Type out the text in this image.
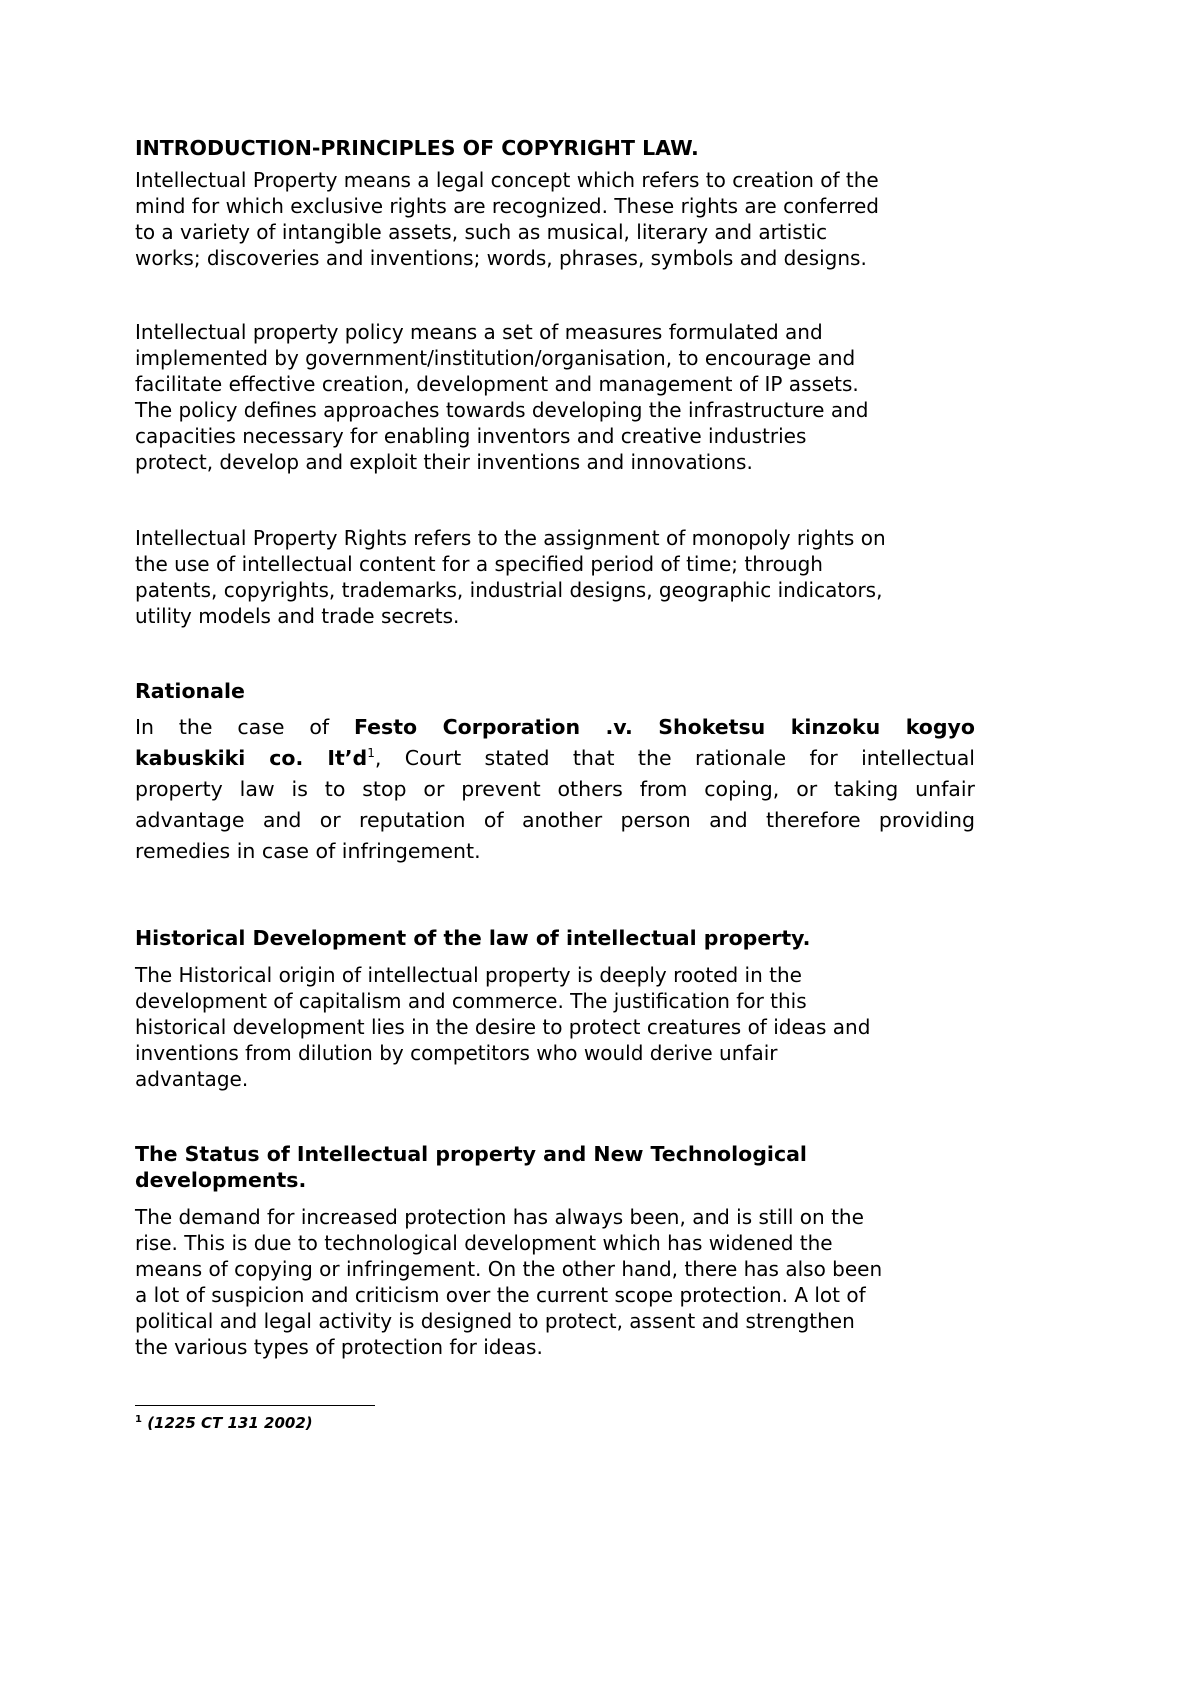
INTRODUCTION-PRINCIPLES OF COPYRIGHT LAW.
Intellectual Property means a legal concept which refers to creation of the
mind for which exclusive rights are recognized. These rights are conferred
to a variety of intangible assets, such as musical, literary and artistic
works; discoveries and inventions; words, phrases, symbols and designs.
Intellectual property policy means a set of measures formulated and
implemented by government/institution/organisation, to encourage and
facilitate effective creation, development and management of IP assets.
The policy defines approaches towards developing the infrastructure and
capacities necessary for enabling inventors and creative industries
protect, develop and exploit their inventions and innovations.
Intellectual Property Rights refers to the assignment of monopoly rights on
the use of intellectual content for a specified period of time; through
patents, copyrights, trademarks, industrial designs, geographic indicators,
utility models and trade secrets.
Rationale
In the case of Festo Corporation .v. Shoketsu kinzoku kogyo
kabuskiki co. $It’d^1$, Court stated that the rationale for intellectual
property law is to stop or prevent others from coping, or taking unfair
advantage and or reputation of another person and therefore providing
remedies in case of infringement.
Historical Development of the law of intellectual property.
The Historical origin of intellectual property is deeply rooted in the
development of capitalism and commerce. The justification for this
historical development lies in the desire to protect creatures of ideas and
inventions from dilution by competitors who would derive unfair
advantage.
The Status of Intellectual property and New Technological
developments.
The demand for increased protection has always been, and is still on the
rise. This is due to technological development which has widened the
means of copying or infringement. On the other hand, there has also been
a lot of suspicion and criticism over the current scope protection. A lot of
political and legal activity is designed to protect, assent and strengthen
the various types of protection for ideas.
$^1$ (1225 CT 131 2002)
